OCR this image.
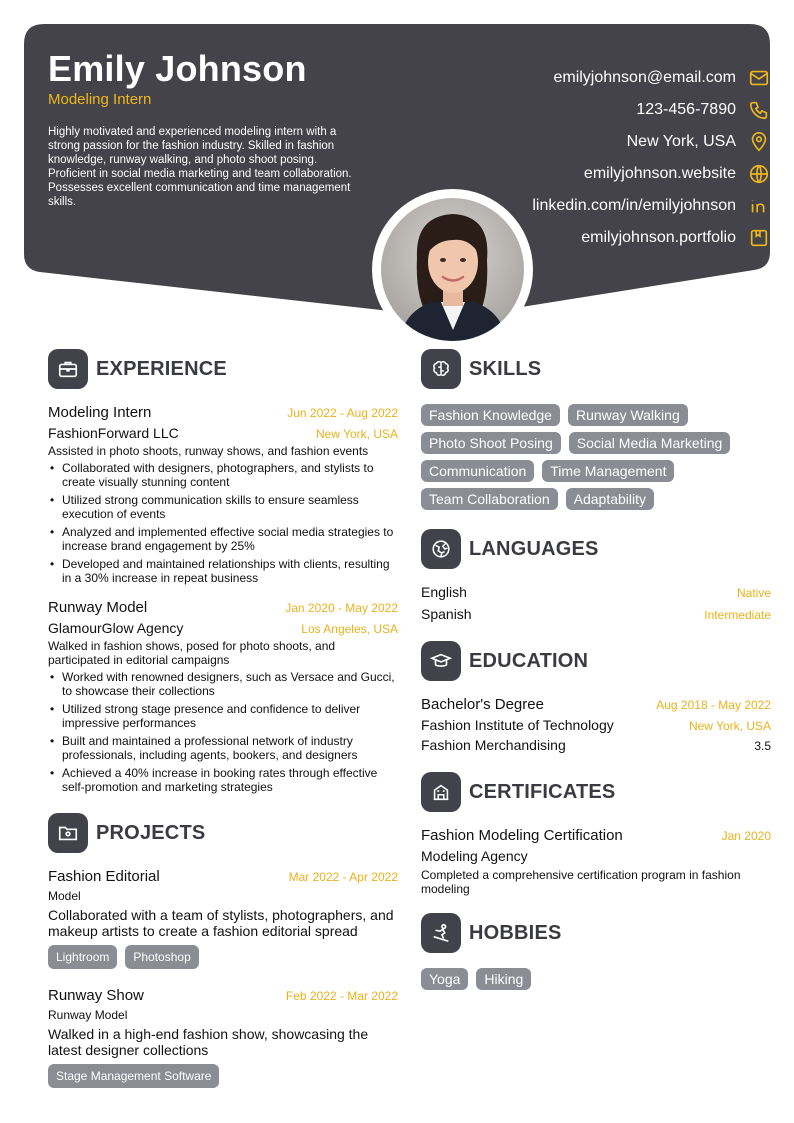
Emily Johnson
Modeling Intern
Highly motivated and experienced modeling intern with a strong passion for the fashion industry. Skilled in fashion knowledge, runway walking, and photo shoot posing. Proficient in social media marketing and team collaboration. Possesses excellent communication and time management skills.
emilyjohnson@email.com
123-456-7890
New York, USA
emilyjohnson.website
linkedin.com/in/emilyjohnson
emilyjohnson.portfolio
EXPERIENCE
Modeling Intern	Jun 2022 - Aug 2022
FashionForward LLC	New York, USA
Assisted in photo shoots, runway shows, and fashion events
• Collaborated with designers, photographers, and stylists to create visually stunning content
• Utilized strong communication skills to ensure seamless execution of events
• Analyzed and implemented effective social media strategies to increase brand engagement by 25%
• Developed and maintained relationships with clients, resulting in a 30% increase in repeat business
Runway Model	Jan 2020 - May 2022
GlamourGlow Agency	Los Angeles, USA
Walked in fashion shows, posed for photo shoots, and participated in editorial campaigns
• Worked with renowned designers, such as Versace and Gucci, to showcase their collections
• Utilized strong stage presence and confidence to deliver impressive performances
• Built and maintained a professional network of industry professionals, including agents, bookers, and designers
• Achieved a 40% increase in booking rates through effective self-promotion and marketing strategies
PROJECTS
Fashion Editorial	Mar 2022 - Apr 2022
Model
Collaborated with a team of stylists, photographers, and makeup artists to create a fashion editorial spread
Lightroom	Photoshop
Runway Show	Feb 2022 - Mar 2022
Runway Model
Walked in a high-end fashion show, showcasing the latest designer collections
Stage Management Software
SKILLS
Fashion Knowledge	Runway Walking
Photo Shoot Posing	Social Media Marketing
Communication	Time Management
Team Collaboration	Adaptability
LANGUAGES
English	Native
Spanish	Intermediate
EDUCATION
Bachelor's Degree	Aug 2018 - May 2022
Fashion Institute of Technology	New York, USA
Fashion Merchandising	3.5
CERTIFICATES
Fashion Modeling Certification	Jan 2020
Modeling Agency
Completed a comprehensive certification program in fashion modeling
HOBBIES
Yoga	Hiking
